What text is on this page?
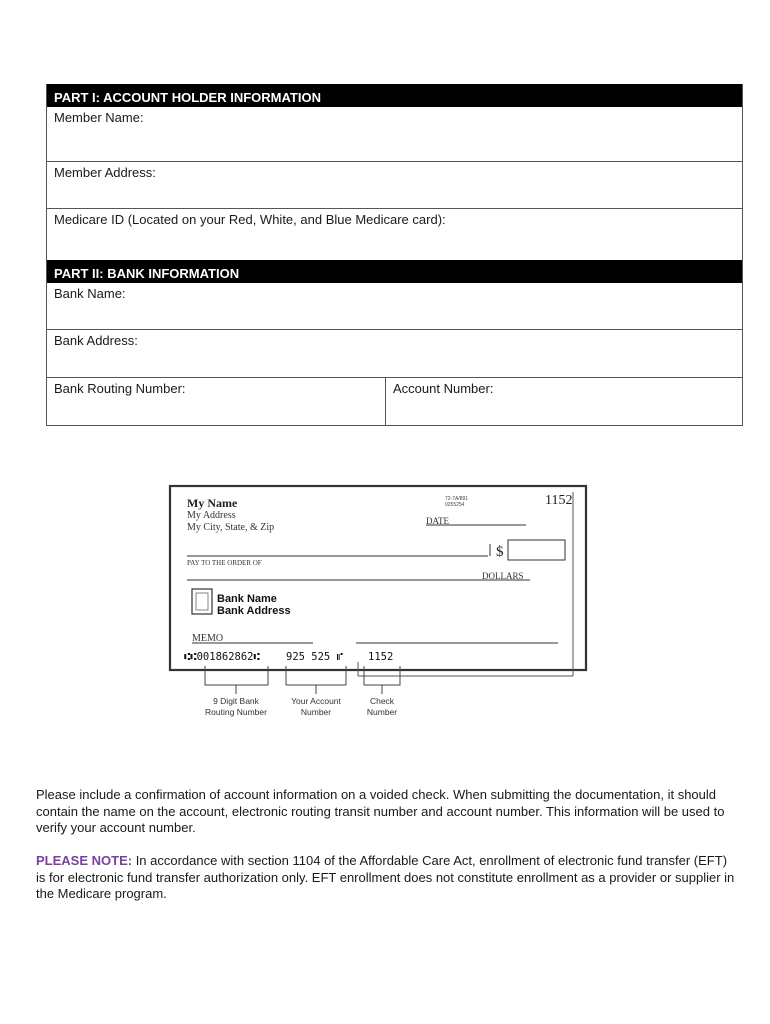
PART I: ACCOUNT HOLDER INFORMATION
Member Name:
Member Address:
Medicare ID (Located on your Red, White, and Blue Medicare card):
PART II: BANK INFORMATION
Bank Name:
Bank Address:
Bank Routing Number:	Account Number:
My Name
My Address
My City, State, & Zip
72-7A/891
0255254	1152
DATE
$
PAY TO THE ORDER OF
DOLLARS
Bank Name
Bank Address
MEMO
⑆⑆001862862⑆ 925 525 ⑈ 1152
9 Digit Bank
Routing Number
Your Account
Number
Check
Number

Please include a confirmation of account information on a voided check. When submitting the documentation, it should contain the name on the account, electronic routing transit number and account number. This information will be used to verify your account number.

PLEASE NOTE: In accordance with section 1104 of the Affordable Care Act, enrollment of electronic fund transfer (EFT) is for electronic fund transfer authorization only. EFT enrollment does not constitute enrollment as a provider or supplier in the Medicare program.
